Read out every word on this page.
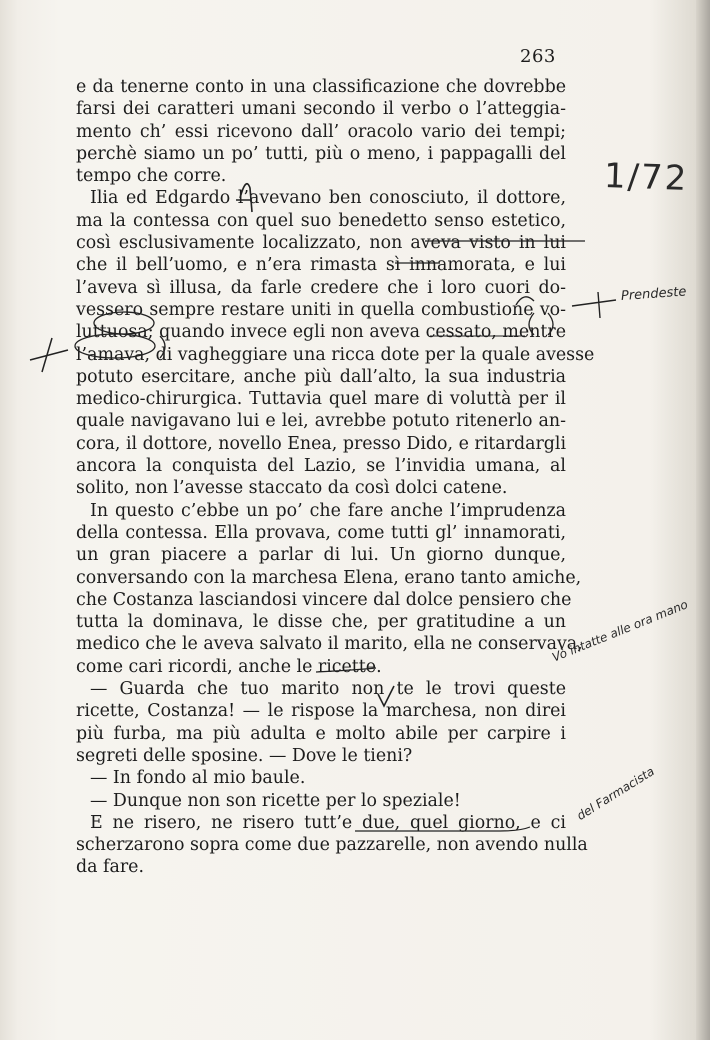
263
e da tenerne conto in una classificazione che dovrebbe
farsi dei caratteri umani secondo il verbo o l’atteggia-
mento ch’ essi ricevono dall’ oracolo vario dei tempi;
perchè siamo un po’ tutti, più o meno, i pappagalli del
tempo che corre.
Ilia ed Edgardo l’avevano ben conosciuto, il dottore,
ma la contessa con quel suo benedetto senso estetico,
così esclusivamente localizzato, non aveva visto in lui
che il bell’uomo, e n’era rimasta sì innamorata, e lui
l’aveva sì illusa, da farle credere che i loro cuori do-
vessero sempre restare uniti in quella combustione vo-
luttuosa; quando invece egli non aveva cessato, mentre
l’amava, di vagheggiare una ricca dote per la quale avesse
potuto esercitare, anche più dall’alto, la sua industria
medico-chirurgica. Tuttavia quel mare di voluttà per il
quale navigavano lui e lei, avrebbe potuto ritenerlo an-
cora, il dottore, novello Enea, presso Dido, e ritardargli
ancora la conquista del Lazio, se l’invidia umana, al
solito, non l’avesse staccato da così dolci catene.
In questo c’ebbe un po’ che fare anche l’imprudenza
della contessa. Ella provava, come tutti gl’ innamorati,
un gran piacere a parlar di lui. Un giorno dunque,
conversando con la marchesa Elena, erano tanto amiche,
che Costanza lasciandosi vincere dal dolce pensiero che
tutta la dominava, le disse che, per gratitudine a un
medico che le aveva salvato il marito, ella ne conservava,
come cari ricordi, anche le ricette.
— Guarda che tuo marito non te le trovi queste
ricette, Costanza! — le rispose la marchesa, non direi
più furba, ma più adulta e molto abile per carpire i
segreti delle sposine. — Dove le tieni?
— In fondo al mio baule.
— Dunque non son ricette per lo speziale!
E ne risero, ne risero tutt’e due, quel giorno, e ci
scherzarono sopra come due pazzarelle, non avendo nulla
da fare.
1/72
Prendeste
Vò intatte alle ora mano
del Farmacista
